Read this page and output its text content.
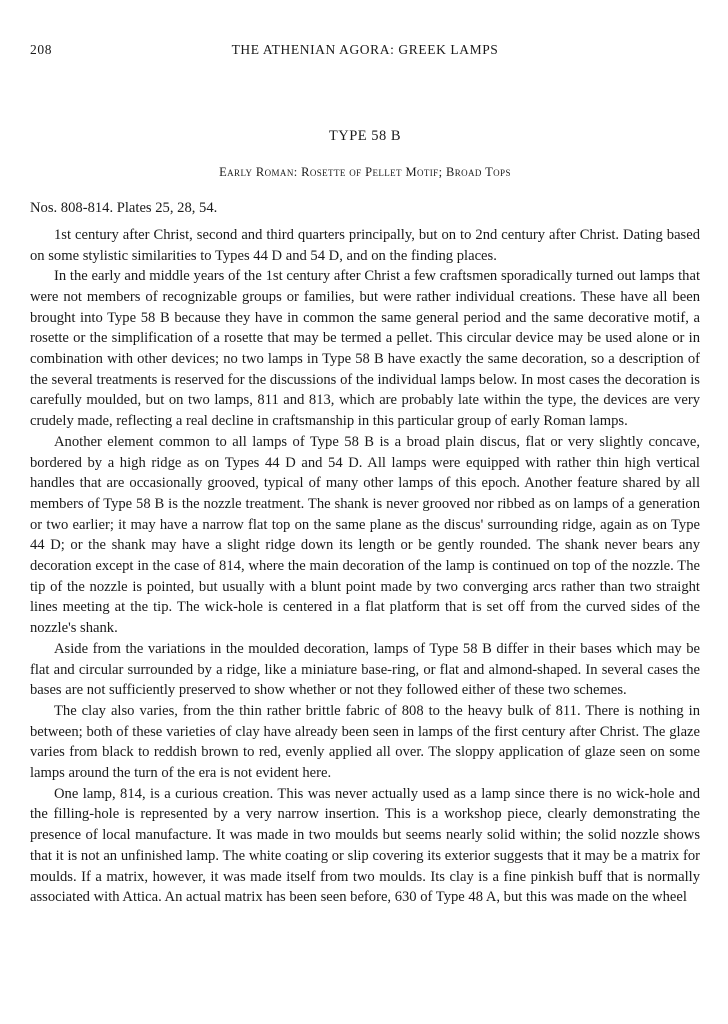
208	THE ATHENIAN AGORA: GREEK LAMPS
TYPE 58 B
Early Roman: Rosette of Pellet Motif; Broad Tops
Nos. 808-814. Plates 25, 28, 54.

1st century after Christ, second and third quarters principally, but on to 2nd century after Christ. Dating based on some stylistic similarities to Types 44 D and 54 D, and on the finding places.

In the early and middle years of the 1st century after Christ a few craftsmen sporadically turned out lamps that were not members of recognizable groups or families, but were rather individual creations. These have all been brought into Type 58 B because they have in common the same general period and the same decorative motif, a rosette or the simplification of a rosette that may be termed a pellet. This circular device may be used alone or in combination with other devices; no two lamps in Type 58 B have exactly the same decoration, so a description of the several treatments is reserved for the discussions of the individual lamps below. In most cases the decoration is carefully moulded, but on two lamps, 811 and 813, which are probably late within the type, the devices are very crudely made, reflecting a real decline in craftsmanship in this particular group of early Roman lamps.

Another element common to all lamps of Type 58 B is a broad plain discus, flat or very slightly concave, bordered by a high ridge as on Types 44 D and 54 D. All lamps were equipped with rather thin high vertical handles that are occasionally grooved, typical of many other lamps of this epoch. Another feature shared by all members of Type 58 B is the nozzle treatment. The shank is never grooved nor ribbed as on lamps of a generation or two earlier; it may have a narrow flat top on the same plane as the discus' surrounding ridge, again as on Type 44 D; or the shank may have a slight ridge down its length or be gently rounded. The shank never bears any decoration except in the case of 814, where the main decoration of the lamp is continued on top of the nozzle. The tip of the nozzle is pointed, but usually with a blunt point made by two converging arcs rather than two straight lines meeting at the tip. The wick-hole is centered in a flat platform that is set off from the curved sides of the nozzle's shank.

Aside from the variations in the moulded decoration, lamps of Type 58 B differ in their bases which may be flat and circular surrounded by a ridge, like a miniature base-ring, or flat and almond-shaped. In several cases the bases are not sufficiently preserved to show whether or not they followed either of these two schemes.

The clay also varies, from the thin rather brittle fabric of 808 to the heavy bulk of 811. There is nothing in between; both of these varieties of clay have already been seen in lamps of the first century after Christ. The glaze varies from black to reddish brown to red, evenly applied all over. The sloppy application of glaze seen on some lamps around the turn of the era is not evident here.

One lamp, 814, is a curious creation. This was never actually used as a lamp since there is no wick-hole and the filling-hole is represented by a very narrow insertion. This is a workshop piece, clearly demonstrating the presence of local manufacture. It was made in two moulds but seems nearly solid within; the solid nozzle shows that it is not an unfinished lamp. The white coating or slip covering its exterior suggests that it may be a matrix for moulds. If a matrix, however, it was made itself from two moulds. Its clay is a fine pinkish buff that is normally associated with Attica. An actual matrix has been seen before, 630 of Type 48 A, but this was made on the wheel
